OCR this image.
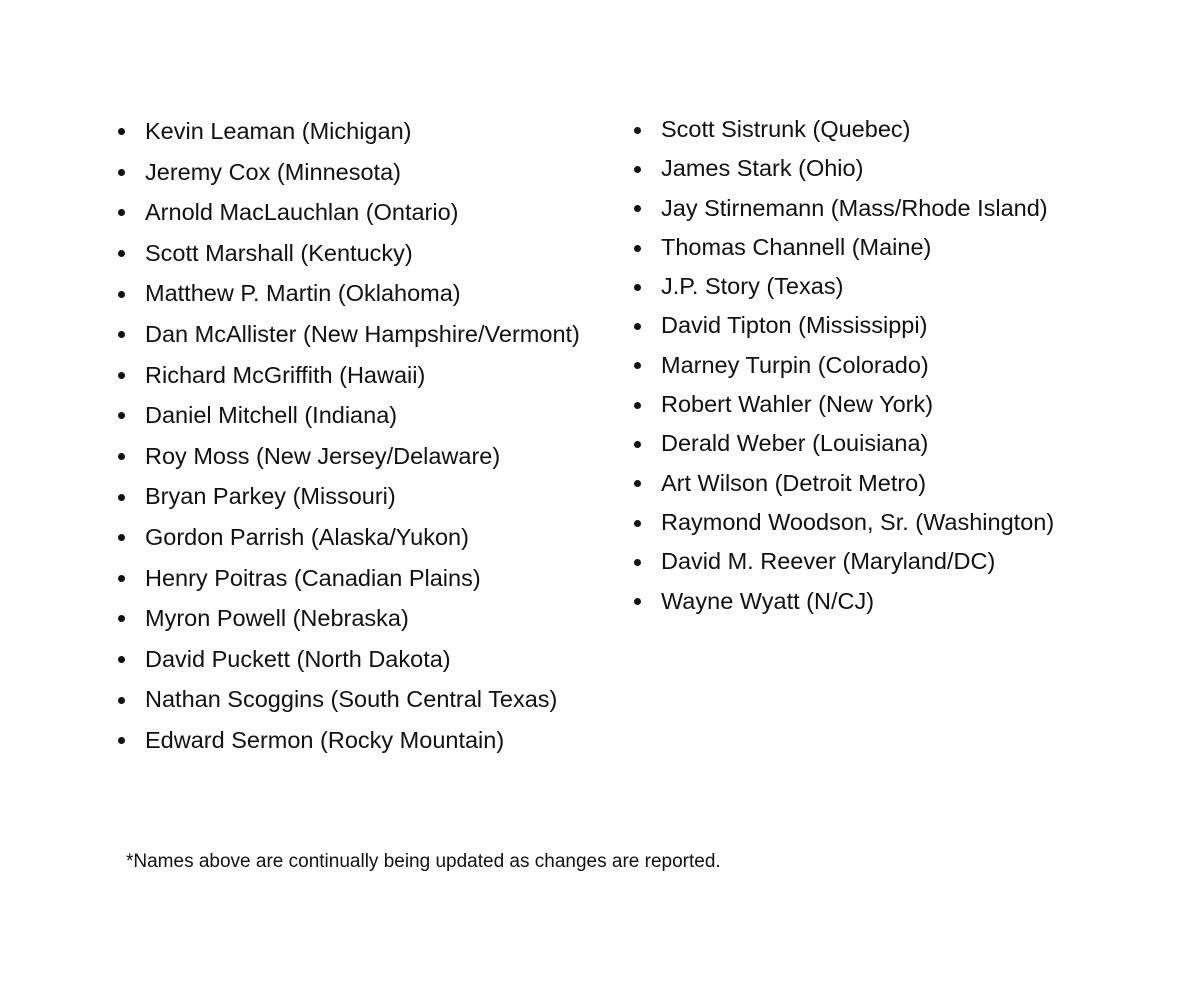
Kevin Leaman (Michigan)
Jeremy Cox (Minnesota)
Arnold MacLauchlan (Ontario)
Scott Marshall (Kentucky)
Matthew P. Martin (Oklahoma)
Dan McAllister (New Hampshire/Vermont)
Richard McGriffith (Hawaii)
Daniel Mitchell (Indiana)
Roy Moss (New Jersey/Delaware)
Bryan Parkey (Missouri)
Gordon Parrish (Alaska/Yukon)
Henry Poitras (Canadian Plains)
Myron Powell (Nebraska)
David Puckett (North Dakota)
Nathan Scoggins (South Central Texas)
Edward Sermon (Rocky Mountain)
Scott Sistrunk (Quebec)
James Stark (Ohio)
Jay Stirnemann (Mass/Rhode Island)
Thomas Channell (Maine)
J.P. Story (Texas)
David Tipton (Mississippi)
Marney Turpin (Colorado)
Robert Wahler (New York)
Derald Weber (Louisiana)
Art Wilson (Detroit Metro)
Raymond Woodson, Sr. (Washington)
David M. Reever (Maryland/DC)
Wayne Wyatt (N/CJ)
*Names above are continually being updated as changes are reported.
